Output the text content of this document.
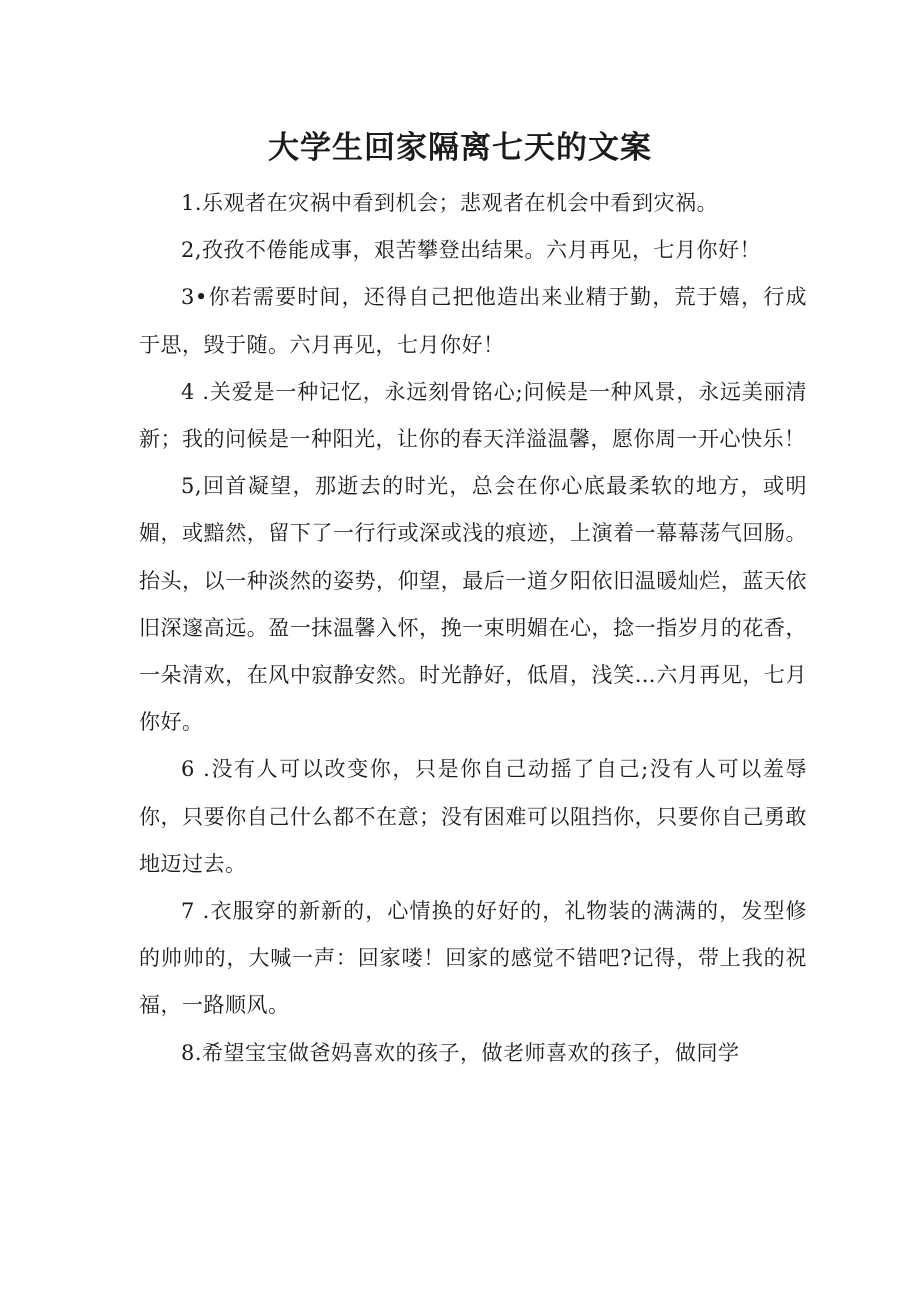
大学生回家隔离七天的文案

1.乐观者在灾祸中看到机会；悲观者在机会中看到灾祸。

2,孜孜不倦能成事，艰苦攀登出结果。六月再见，七月你好！

3•你若需要时间，还得自己把他造出来业精于勤，荒于嬉，行成于思，毁于随。六月再见，七月你好！

4 .关爱是一种记忆，永远刻骨铭心;问候是一种风景，永远美丽清新；我的问候是一种阳光，让你的春天洋溢温馨，愿你周一开心快乐！

5,回首凝望，那逝去的时光，总会在你心底最柔软的地方，或明媚，或黯然，留下了一行行或深或浅的痕迹，上演着一幕幕荡气回肠。抬头，以一种淡然的姿势，仰望，最后一道夕阳依旧温暖灿烂，蓝天依旧深邃高远。盈一抹温馨入怀，挽一束明媚在心，捻一指岁月的花香，一朵清欢，在风中寂静安然。时光静好，低眉，浅笑…六月再见，七月你好。

6 .没有人可以改变你，只是你自己动摇了自己;没有人可以羞辱你，只要你自己什么都不在意；没有困难可以阻挡你，只要你自己勇敢地迈过去。

7 .衣服穿的新新的，心情换的好好的，礼物装的满满的，发型修的帅帅的，大喊一声：回家喽！回家的感觉不错吧?记得，带上我的祝福，一路顺风。

8.希望宝宝做爸妈喜欢的孩子，做老师喜欢的孩子，做同学
